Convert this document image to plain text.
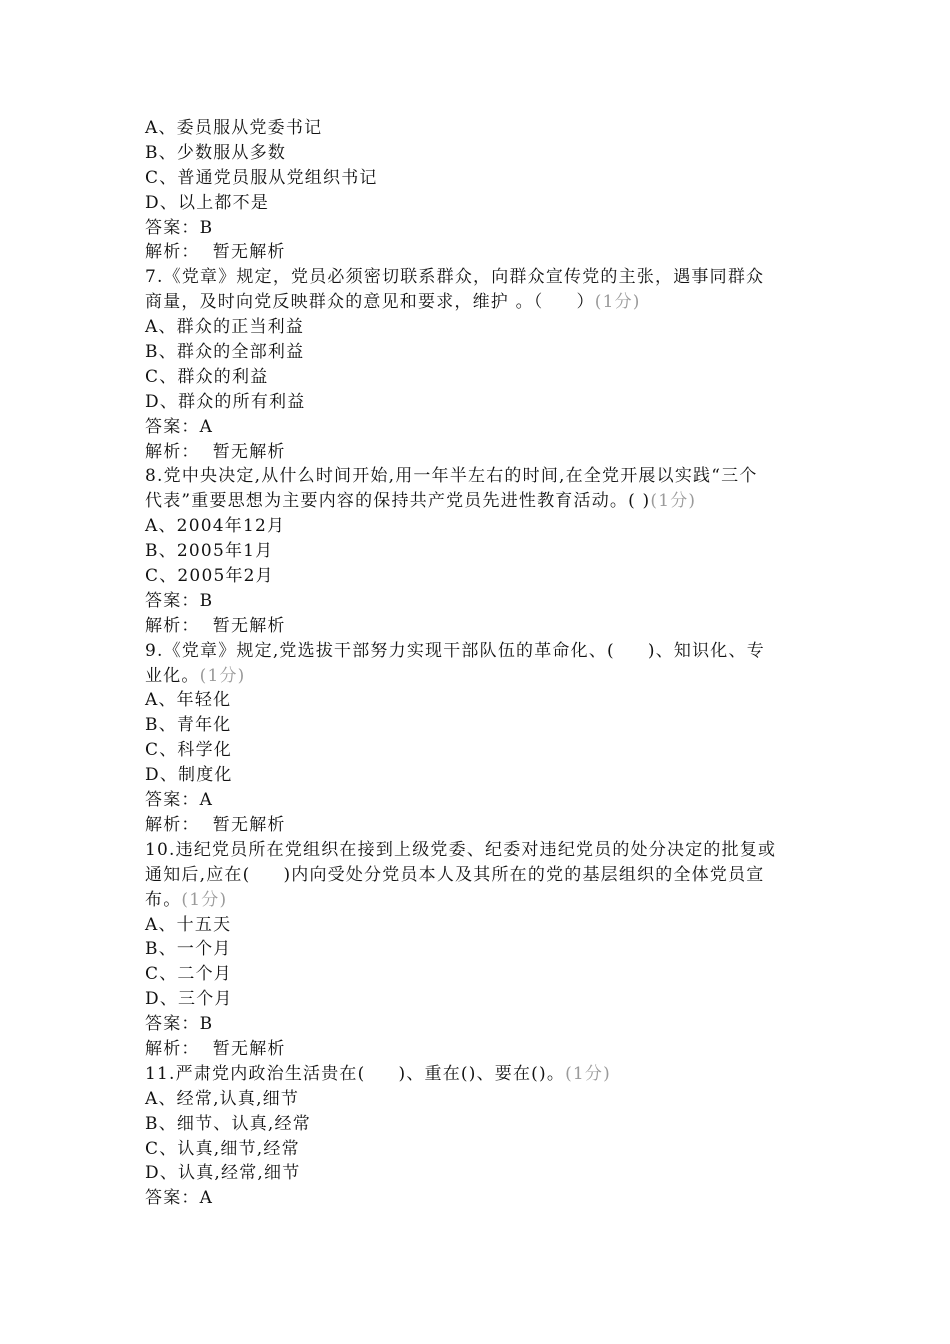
A、委员服从党委书记
B、少数服从多数
C、普通党员服从党组织书记
D、以上都不是
答案：B
解析：  暂无解析
7.《党章》规定，党员必须密切联系群众，向群众宣传党的主张，遇事同群众
商量，及时向党反映群众的意见和要求，维护 。（     ）(1分)
A、群众的正当利益
B、群众的全部利益
C、群众的利益
D、群众的所有利益
答案：A
解析：  暂无解析
8.党中央决定,从什么时间开始,用一年半左右的时间,在全党开展以实践“三个
代表”重要思想为主要内容的保持共产党员先进性教育活动。( )(1分)
A、2004年12月
B、2005年1月
C、2005年2月
答案：B
解析：  暂无解析
9.《党章》规定,党选拔干部努力实现干部队伍的革命化、(     )、知识化、专
业化。(1分)
A、年轻化
B、青年化
C、科学化
D、制度化
答案：A
解析：  暂无解析
10.违纪党员所在党组织在接到上级党委、纪委对违纪党员的处分决定的批复或
通知后,应在(     )内向受处分党员本人及其所在的党的基层组织的全体党员宣
布。(1分)
A、十五天
B、一个月
C、二个月
D、三个月
答案：B
解析：  暂无解析
11.严肃党内政治生活贵在(     )、重在()、要在()。(1分)
A、经常,认真,细节
B、细节、认真,经常
C、认真,细节,经常
D、认真,经常,细节
答案：A
